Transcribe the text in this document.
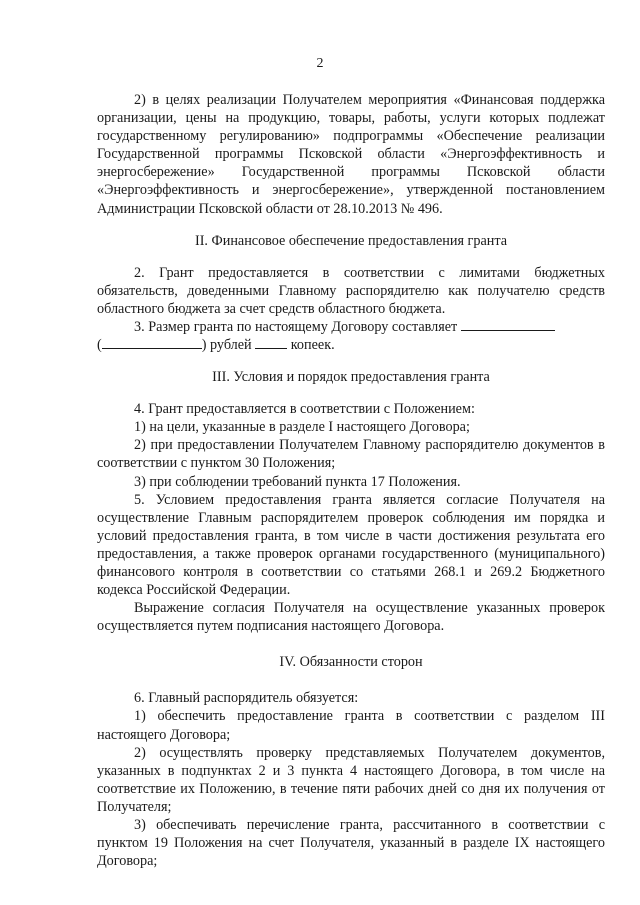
2

2) в целях реализации Получателем мероприятия «Финансовая поддержка организации, цены на продукцию, товары, работы, услуги которых подлежат государственному регулированию» подпрограммы «Обеспечение реализации Государственной программы Псковской области «Энергоэффективность и энергосбережение» Государственной программы Псковской области «Энергоэффективность и энергосбережение», утвержденной постановлением Администрации Псковской области от 28.10.2013 № 496.

II. Финансовое обеспечение предоставления гранта

2. Грант предоставляется в соответствии с лимитами бюджетных обязательств, доведенными Главному распорядителю как получателю средств областного бюджета за счет средств областного бюджета.

3. Размер гранта по настоящему Договору составляет

(	) рублей	копеек.

III. Условия и порядок предоставления гранта

4. Грант предоставляется в соответствии с Положением:

1) на цели, указанные в разделе I настоящего Договора;

2) при предоставлении Получателем Главному распорядителю документов в соответствии с пунктом 30 Положения;

3) при соблюдении требований пункта 17 Положения.

5. Условием предоставления гранта является согласие Получателя на осуществление Главным распорядителем проверок соблюдения им порядка и условий предоставления гранта, в том числе в части достижения результата его предоставления, а также проверок органами государственного (муниципального) финансового контроля в соответствии со статьями 268.1 и 269.2 Бюджетного кодекса Российской Федерации.

Выражение согласия Получателя на осуществление указанных проверок осуществляется путем подписания настоящего Договора.

IV. Обязанности сторон

6. Главный распорядитель обязуется:

1) обеспечить предоставление гранта в соответствии с разделом III настоящего Договора;

2) осуществлять проверку представляемых Получателем документов, указанных в подпунктах 2 и 3 пункта 4 настоящего Договора, в том числе на соответствие их Положению, в течение пяти рабочих дней со дня их получения от Получателя;

3) обеспечивать перечисление гранта, рассчитанного в соответствии с пунктом 19 Положения на счет Получателя, указанный в разделе IX настоящего Договора;
